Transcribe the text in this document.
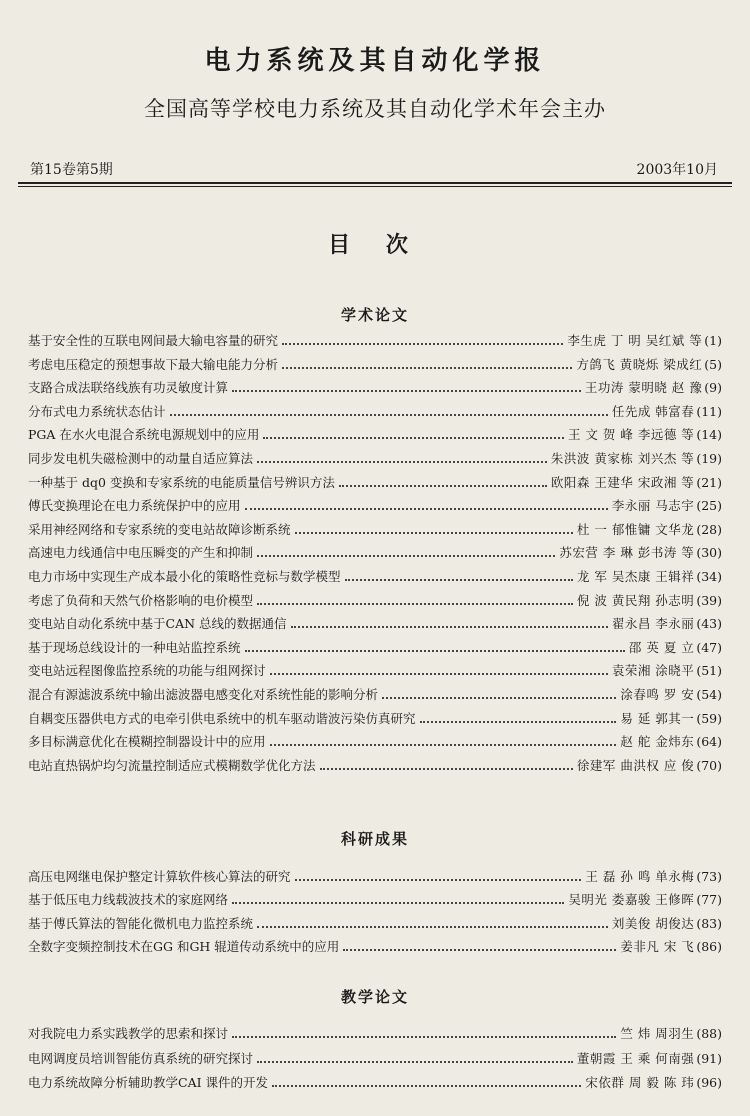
电力系统及其自动化学报
全国高等学校电力系统及其自动化学术年会主办
第15卷第5期	2003年10月
目 次
学术论文
科研成果
教学论文
基于安全性的互联电网间最大输电容量的研究	李生虎 丁 明 吴红斌 等 ( 1 )
考虑电压稳定的预想事故下最大输电能力分析	方鸽飞 黄晓烁 梁成红 ( 5 )
支路合成法联络线族有功灵敏度计算	王功涛 蒙明晓 赵 豫 ( 9 )
分布式电力系统状态估计	任先成 韩富春 ( 11 )
PGA 在水火电混合系统电源规划中的应用	王 文 贺 峰 李远德 等 ( 14 )
同步发电机失磁检测中的动量自适应算法	朱洪波 黄家栋 刘兴杰 等 ( 19 )
一种基于 dq0 变换和专家系统的电能质量信号辨识方法	欧阳森 王建华 宋政湘 等 ( 21 )
傅氏变换理论在电力系统保护中的应用	李永丽 马志宇 ( 25 )
采用神经网络和专家系统的变电站故障诊断系统	杜 一 郁惟镛 文华龙 ( 28 )
高速电力线通信中电压瞬变的产生和抑制	苏宏营 李 琳 彭书涛 等 ( 30 )
电力市场中实现生产成本最小化的策略性竞标与数学模型	龙 军 吴杰康 王辑祥 ( 34 )
考虑了负荷和天然气价格影响的电价模型	倪 波 黄民翔 孙志明 ( 39 )
变电站自动化系统中基于CAN 总线的数据通信	翟永昌 李永丽 ( 43 )
基于现场总线设计的一种电站监控系统	邵 英 夏 立 ( 47 )
变电站远程图像监控系统的功能与组网探讨	袁荣湘 涂晓平 ( 51 )
混合有源滤波系统中输出滤波器电感变化对系统性能的影响分析	涂春鸣 罗 安 ( 54 )
自耦变压器供电方式的电牵引供电系统中的机车驱动谐波污染仿真研究	易 延 郭其一 ( 59 )
多目标满意优化在模糊控制器设计中的应用	赵 舵 金炜东 ( 64 )
电站直热锅炉均匀流量控制适应式模糊数学优化方法	徐建军 曲洪权 应 俊 ( 70 )
高压电网继电保护整定计算软件核心算法的研究	王 磊 孙 鸣 单永梅 ( 73 )
基于低压电力线载波技术的家庭网络	吴明光 娄嘉骏 王修晖 ( 77 )
基于傅氏算法的智能化微机电力监控系统	刘美俊 胡俊达 ( 83 )
全数字变频控制技术在GG 和GH 辊道传动系统中的应用	姜非凡 宋 飞 ( 86 )
对我院电力系实践教学的思索和探讨	竺 炜 周羽生 ( 88 )
电网调度员培训智能仿真系统的研究探讨	董朝霞 王 乘 何南强 ( 91 )
电力系统故障分析辅助教学CAI 课件的开发	宋依群 周 毅 陈 玮 ( 96 )
